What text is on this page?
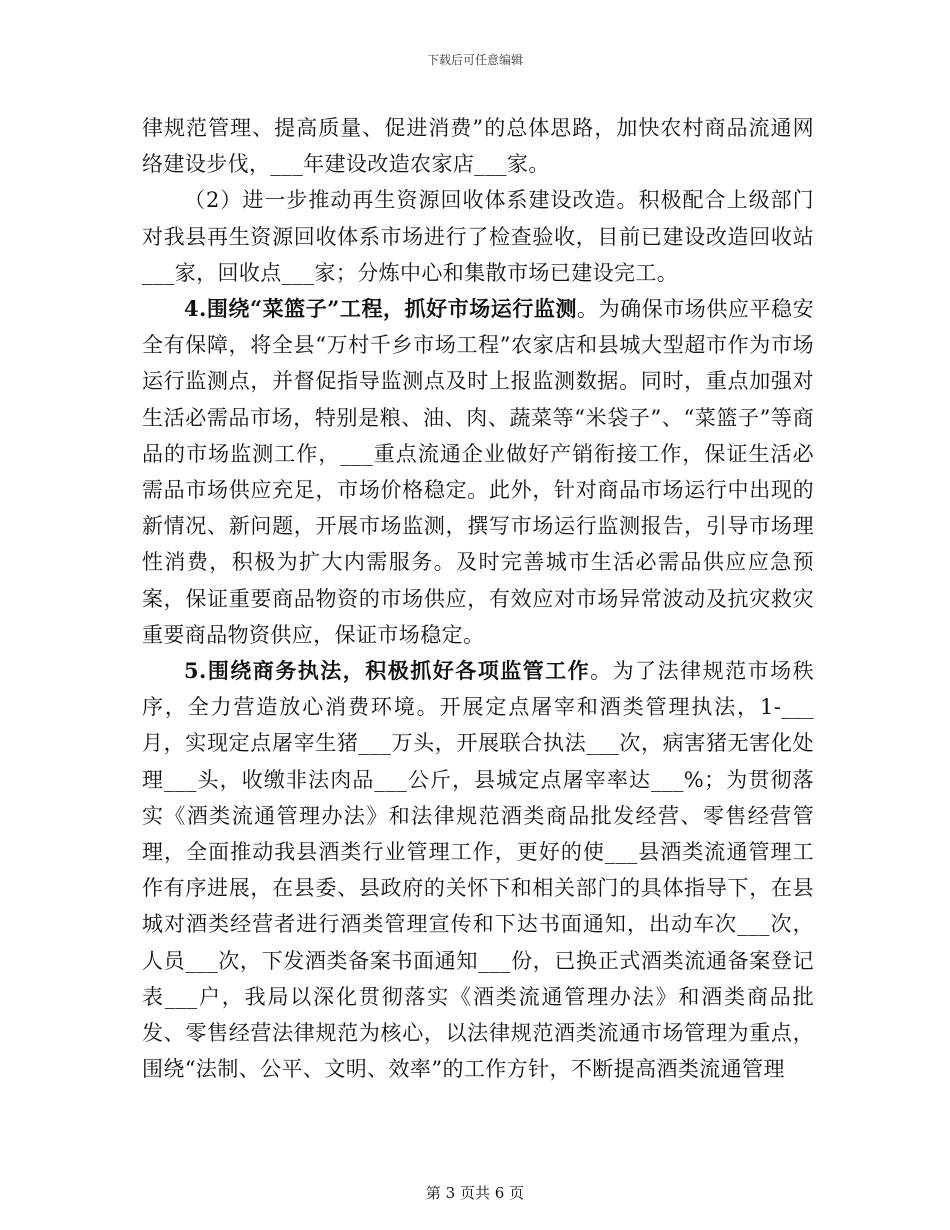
下载后可任意编辑

律规范管理、提高质量、促进消费”的总体思路，加快农村商品流通网络建设步伐，___年建设改造农家店___家。

（2）进一步推动再生资源回收体系建设改造。积极配合上级部门对我县再生资源回收体系市场进行了检查验收，目前已建设改造回收站___家，回收点___家；分炼中心和集散市场已建设完工。

4.围绕“菜篮子”工程，抓好市场运行监测。为确保市场供应平稳安全有保障，将全县“万村千乡市场工程”农家店和县城大型超市作为市场运行监测点，并督促指导监测点及时上报监测数据。同时，重点加强对生活必需品市场，特别是粮、油、肉、蔬菜等“米袋子”、“菜篮子”等商品的市场监测工作，___重点流通企业做好产销衔接工作，保证生活必需品市场供应充足，市场价格稳定。此外，针对商品市场运行中出现的新情况、新问题，开展市场监测，撰写市场运行监测报告，引导市场理性消费，积极为扩大内需服务。及时完善城市生活必需品供应应急预案，保证重要商品物资的市场供应，有效应对市场异常波动及抗灾救灾重要商品物资供应，保证市场稳定。

5.围绕商务执法，积极抓好各项监管工作。为了法律规范市场秩序，全力营造放心消费环境。开展定点屠宰和酒类管理执法，1-___月，实现定点屠宰生猪___万头，开展联合执法___次，病害猪无害化处理___头，收缴非法肉品___公斤，县城定点屠宰率达___%；为贯彻落实《酒类流通管理办法》和法律规范酒类商品批发经营、零售经营管理，全面推动我县酒类行业管理工作，更好的使___县酒类流通管理工作有序进展，在县委、县政府的关怀下和相关部门的具体指导下，在县城对酒类经营者进行酒类管理宣传和下达书面通知，出动车次___次，人员___次，下发酒类备案书面通知___份，已换正式酒类流通备案登记表___户，我局以深化贯彻落实《酒类流通管理办法》和酒类商品批发、零售经营法律规范为核心，以法律规范酒类流通市场管理为重点，围绕“法制、公平、文明、效率”的工作方针，不断提高酒类流通管理

第 3 页共 6 页
